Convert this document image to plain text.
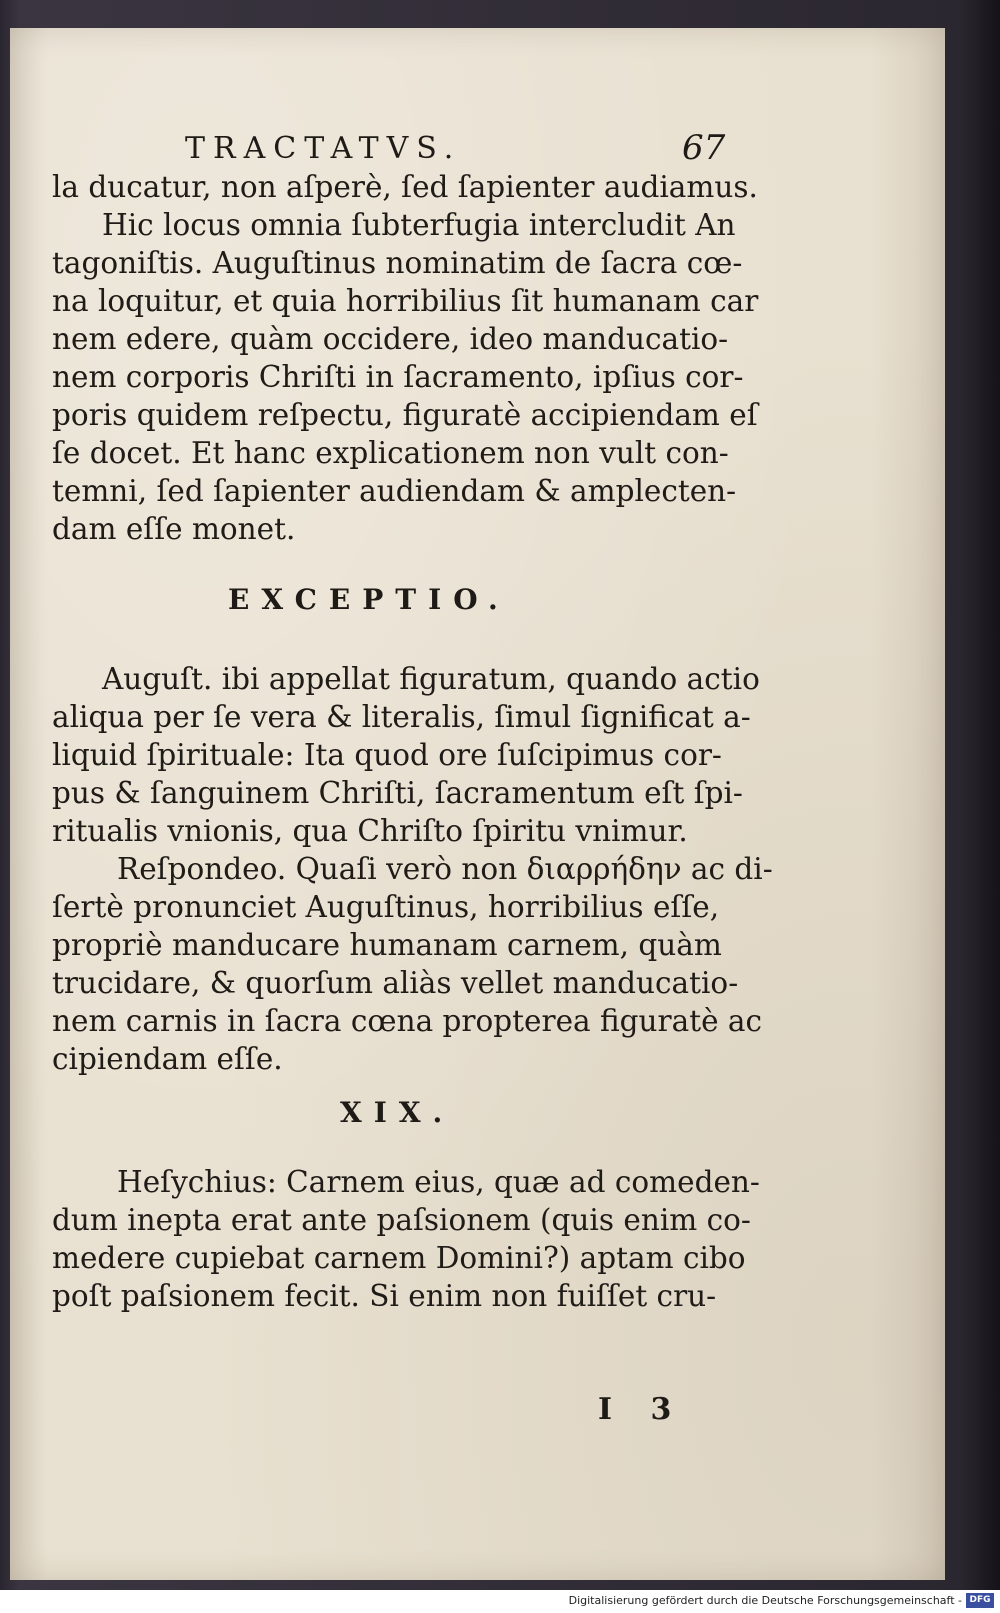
TRACTATVS.	67
la ducatur, non aſperè, ſed ſapienter audiamus.
Hic locus omnia ſubterfugia intercludit An
tagoniſtis. Auguſtinus nominatim de ſacra cœ-
na loquitur, et quia horribilius ſit humanam car
nem edere, quàm occidere, ideo manducatio-
nem corporis Chriſti in ſacramento, ipſius cor-
poris quidem reſpectu, figuratè accipiendam eſ
ſe docet. Et hanc explicationem non vult con-
temni, ſed ſapienter audiendam & amplecten-
dam eſſe monet.
EXCEPTIO.
Auguſt. ibi appellat figuratum, quando actio
aliqua per ſe vera & literalis, ſimul ſignificat a-
liquid ſpirituale: Ita quod ore ſuſcipimus cor-
pus & ſanguinem Chriſti, ſacramentum eſt ſpi-
ritualis vnionis, qua Chriſto ſpiritu vnimur.
Reſpondeo. Quaſi verò non διαρρήδην ac di-
ſertè pronunciet Auguſtinus, horribilius eſſe,
propriè manducare humanam carnem, quàm
trucidare, & quorſum aliàs vellet manducatio-
nem carnis in ſacra cœna propterea figuratè ac
cipiendam eſſe.
XIX.
Heſychius: Carnem eius, quæ ad comeden-
dum inepta erat ante paſsionem (quis enim co-
medere cupiebat carnem Domini?) aptam cibo
poſt paſsionem fecit. Si enim non fuiſſet cru-
I 3
Digitalisierung gefördert durch die Deutsche Forschungsgemeinschaft - DFG
